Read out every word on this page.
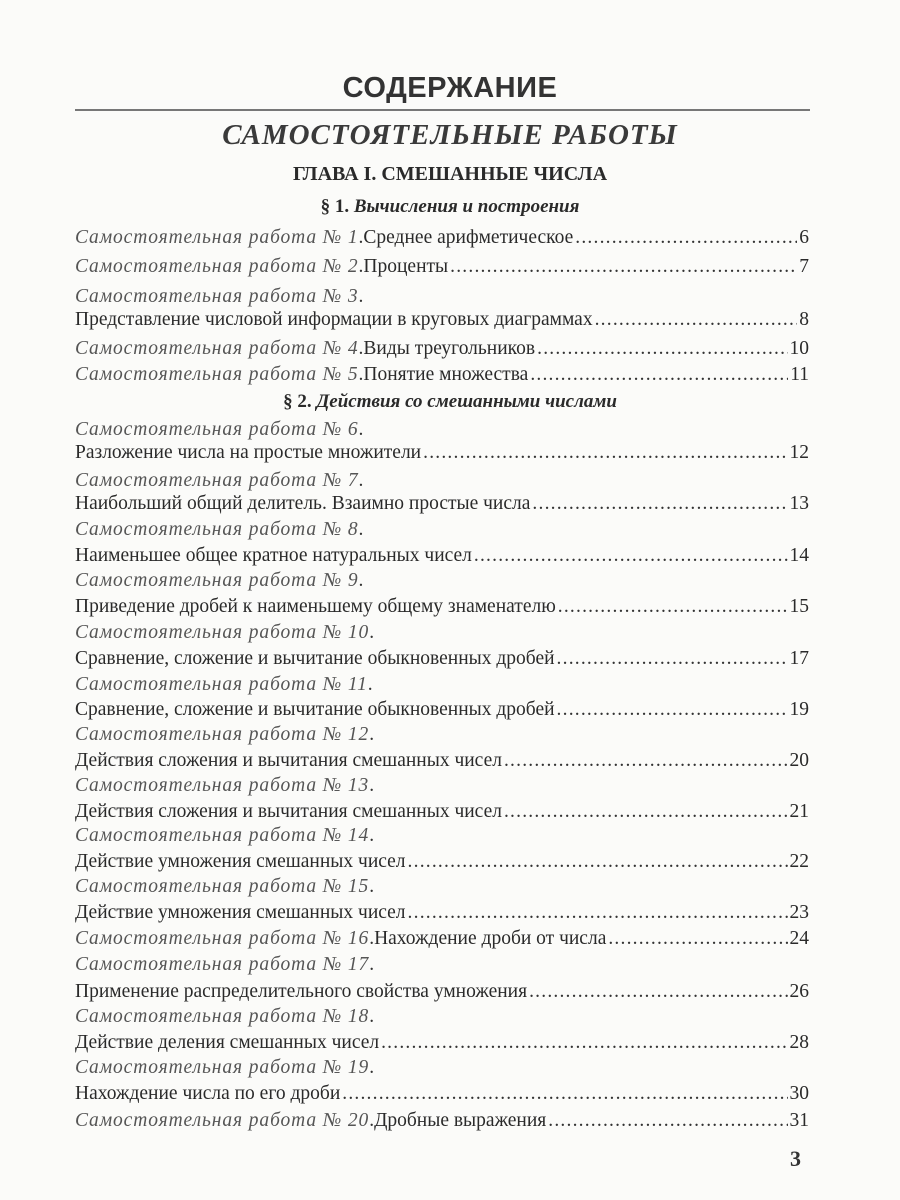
СОДЕРЖАНИЕ
САМОСТОЯТЕЛЬНЫЕ РАБОТЫ
ГЛАВА I. СМЕШАННЫЕ ЧИСЛА
§ 1. Вычисления и построения
Самостоятельная работа № 1 . Среднее арифметическое .....	6
Самостоятельная работа № 2 . Проценты .....	7
Самостоятельная работа № 3 .
Представление числовой информации в круговых диаграммах .....	8
Самостоятельная работа № 4 . Виды треугольников .....	10
Самостоятельная работа № 5 . Понятие множества .....	11
§ 2. Действия со смешанными числами
Самостоятельная работа № 6 .
Разложение числа на простые множители .....	12
Самостоятельная работа № 7 .
Наибольший общий делитель. Взаимно простые числа .....	13
Самостоятельная работа № 8 .
Наименьшее общее кратное натуральных чисел .....	14
Самостоятельная работа № 9 .
Приведение дробей к наименьшему общему знаменателю .....	15
Самостоятельная работа № 10 .
Сравнение, сложение и вычитание обыкновенных дробей .....	17
Самостоятельная работа № 11 .
Сравнение, сложение и вычитание обыкновенных дробей .....	19
Самостоятельная работа № 12 .
Действия сложения и вычитания смешанных чисел .....	20
Самостоятельная работа № 13 .
Действия сложения и вычитания смешанных чисел .....	21
Самостоятельная работа № 14 .
Действие умножения смешанных чисел .....	22
Самостоятельная работа № 15 .
Действие умножения смешанных чисел .....	23
Самостоятельная работа № 16 . Нахождение дроби от числа .....	24
Самостоятельная работа № 17 .
Применение распределительного свойства умножения .....	26
Самостоятельная работа № 18 .
Действие деления смешанных чисел .....	28
Самостоятельная работа № 19 .
Нахождение числа по его дроби .....	30
Самостоятельная работа № 20 . Дробные выражения .....	31
3
